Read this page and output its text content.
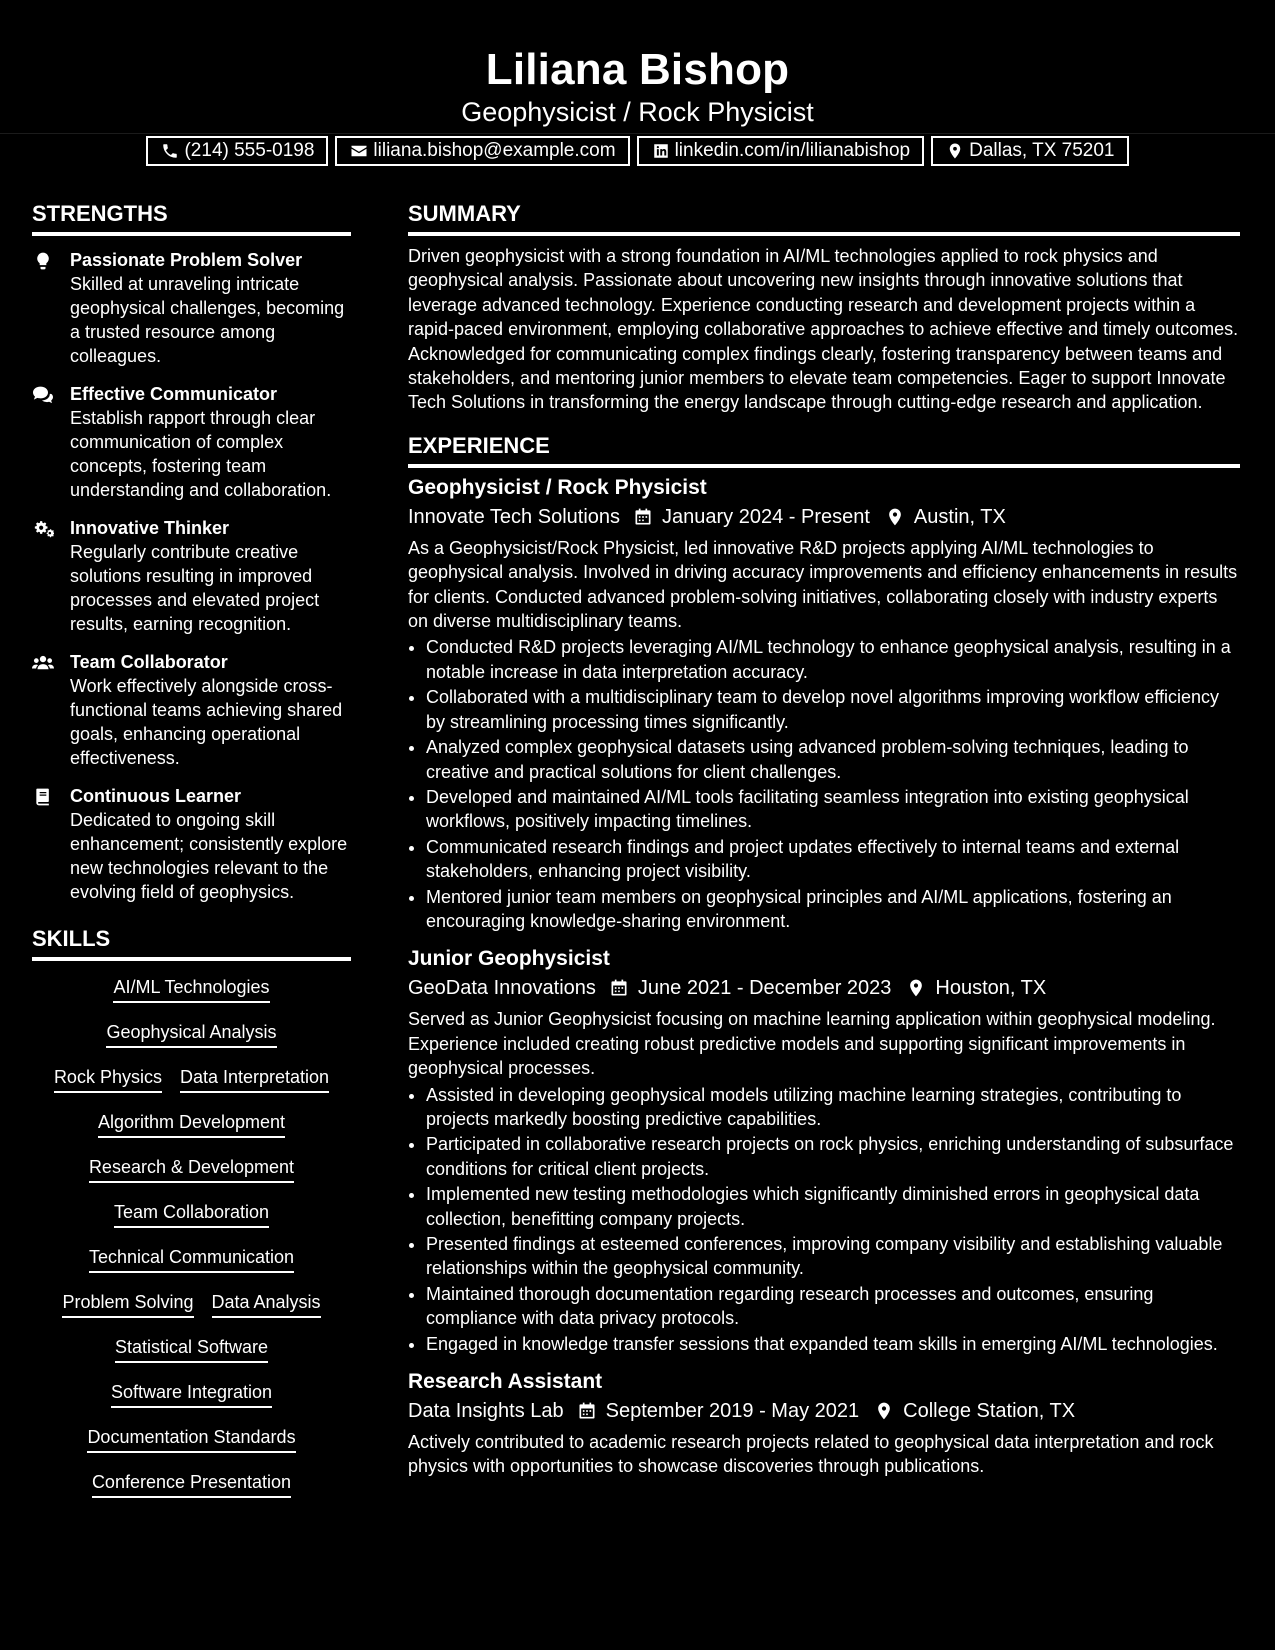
Liliana Bishop
Geophysicist / Rock Physicist
(214) 555-0198	liliana.bishop@example.com	linkedin.com/in/lilianabishop	Dallas, TX 75201
STRENGTHS
Passionate Problem Solver
Skilled at unraveling intricate geophysical challenges, becoming a trusted resource among colleagues.
Effective Communicator
Establish rapport through clear communication of complex concepts, fostering team understanding and collaboration.
Innovative Thinker
Regularly contribute creative solutions resulting in improved processes and elevated project results, earning recognition.
Team Collaborator
Work effectively alongside cross-functional teams achieving shared goals, enhancing operational effectiveness.
Continuous Learner
Dedicated to ongoing skill enhancement; consistently explore new technologies relevant to the evolving field of geophysics.
SKILLS
AI/ML Technologies
Geophysical Analysis
Rock Physics Data Interpretation
Algorithm Development
Research & Development
Team Collaboration
Technical Communication
Problem Solving Data Analysis
Statistical Software
Software Integration
Documentation Standards
Conference Presentation
SUMMARY
Driven geophysicist with a strong foundation in AI/ML technologies applied to rock physics and geophysical analysis. Passionate about uncovering new insights through innovative solutions that leverage advanced technology. Experience conducting research and development projects within a rapid-paced environment, employing collaborative approaches to achieve effective and timely outcomes. Acknowledged for communicating complex findings clearly, fostering transparency between teams and stakeholders, and mentoring junior members to elevate team competencies. Eager to support Innovate Tech Solutions in transforming the energy landscape through cutting-edge research and application.
EXPERIENCE
Geophysicist / Rock Physicist
Innovate Tech Solutions January 2024 - Present Austin, TX
As a Geophysicist/Rock Physicist, led innovative R&D projects applying AI/ML technologies to geophysical analysis. Involved in driving accuracy improvements and efficiency enhancements in results for clients. Conducted advanced problem-solving initiatives, collaborating closely with industry experts on diverse multidisciplinary teams.
• Conducted R&D projects leveraging AI/ML technology to enhance geophysical analysis, resulting in a notable increase in data interpretation accuracy.
• Collaborated with a multidisciplinary team to develop novel algorithms improving workflow efficiency by streamlining processing times significantly.
• Analyzed complex geophysical datasets using advanced problem-solving techniques, leading to creative and practical solutions for client challenges.
• Developed and maintained AI/ML tools facilitating seamless integration into existing geophysical workflows, positively impacting timelines.
• Communicated research findings and project updates effectively to internal teams and external stakeholders, enhancing project visibility.
• Mentored junior team members on geophysical principles and AI/ML applications, fostering an encouraging knowledge-sharing environment.
Junior Geophysicist
GeoData Innovations June 2021 - December 2023 Houston, TX
Served as Junior Geophysicist focusing on machine learning application within geophysical modeling. Experience included creating robust predictive models and supporting significant improvements in geophysical processes.
• Assisted in developing geophysical models utilizing machine learning strategies, contributing to projects markedly boosting predictive capabilities.
• Participated in collaborative research projects on rock physics, enriching understanding of subsurface conditions for critical client projects.
• Implemented new testing methodologies which significantly diminished errors in geophysical data collection, benefitting company projects.
• Presented findings at esteemed conferences, improving company visibility and establishing valuable relationships within the geophysical community.
• Maintained thorough documentation regarding research processes and outcomes, ensuring compliance with data privacy protocols.
• Engaged in knowledge transfer sessions that expanded team skills in emerging AI/ML technologies.
Research Assistant
Data Insights Lab September 2019 - May 2021 College Station, TX
Actively contributed to academic research projects related to geophysical data interpretation and rock physics with opportunities to showcase discoveries through publications.
